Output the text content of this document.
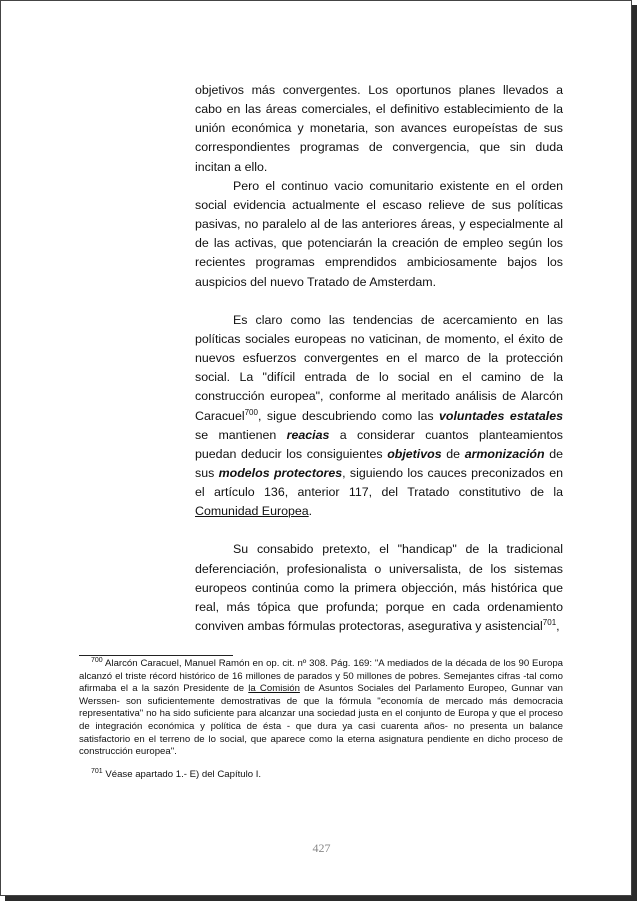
objetivos más convergentes. Los oportunos planes llevados a cabo en las áreas comerciales, el definitivo establecimiento de la unión económica y monetaria, son avances europeístas de sus correspondientes programas de convergencia, que sin duda incitan a ello.

Pero el continuo vacio comunitario existente en el orden social evidencia actualmente el escaso relieve de sus políticas pasivas, no paralelo al de las anteriores áreas, y especialmente al de las activas, que potenciarán la creación de empleo según los recientes programas emprendidos ambiciosamente bajos los auspicios del nuevo Tratado de Amsterdam.

Es claro como las tendencias de acercamiento en las políticas sociales europeas no vaticinan, de momento, el éxito de nuevos esfuerzos convergentes en el marco de la protección social. La "difícil entrada de lo social en el camino de la construcción europea", conforme al meritado análisis de Alarcón Caracuel$^{700}$, sigue descubriendo como las voluntades estatales se mantienen reacias a considerar cuantos planteamientos puedan deducir los consiguientes objetivos de armonización de sus modelos protectores, siguiendo los cauces preconizados en el artículo 136, anterior 117, del Tratado constitutivo de la Comunidad Europea.

Su consabido pretexto, el "handicap" de la tradicional deferenciación, profesionalista o universalista, de los sistemas europeos continúa como la primera objección, más histórica que real, más tópica que profunda; porque en cada ordenamiento conviven ambas fórmulas protectoras, asegurativa y asistencial$^{701}$,

$^{700}$ Alarcón Caracuel, Manuel Ramón en op. cit. nº 308. Pág. 169: "A mediados de la década de los 90 Europa alcanzó el triste récord histórico de 16 millones de parados y 50 millones de pobres. Semejantes cifras -tal como afirmaba el a la sazón Presidente de la Comisión de Asuntos Sociales del Parlamento Europeo, Gunnar van Werssen- son suficientemente demostrativas de que la fórmula "economía de mercado más democracia representativa" no ha sido suficiente para alcanzar una sociedad justa en el conjunto de Europa y que el proceso de integración económica y política de ésta - que dura ya casi cuarenta años- no presenta un balance satisfactorio en el terreno de lo social, que aparece como la eterna asignatura pendiente en dicho proceso de construcción europea".

$^{701}$ Véase apartado 1.- E) del Capítulo I.

427
